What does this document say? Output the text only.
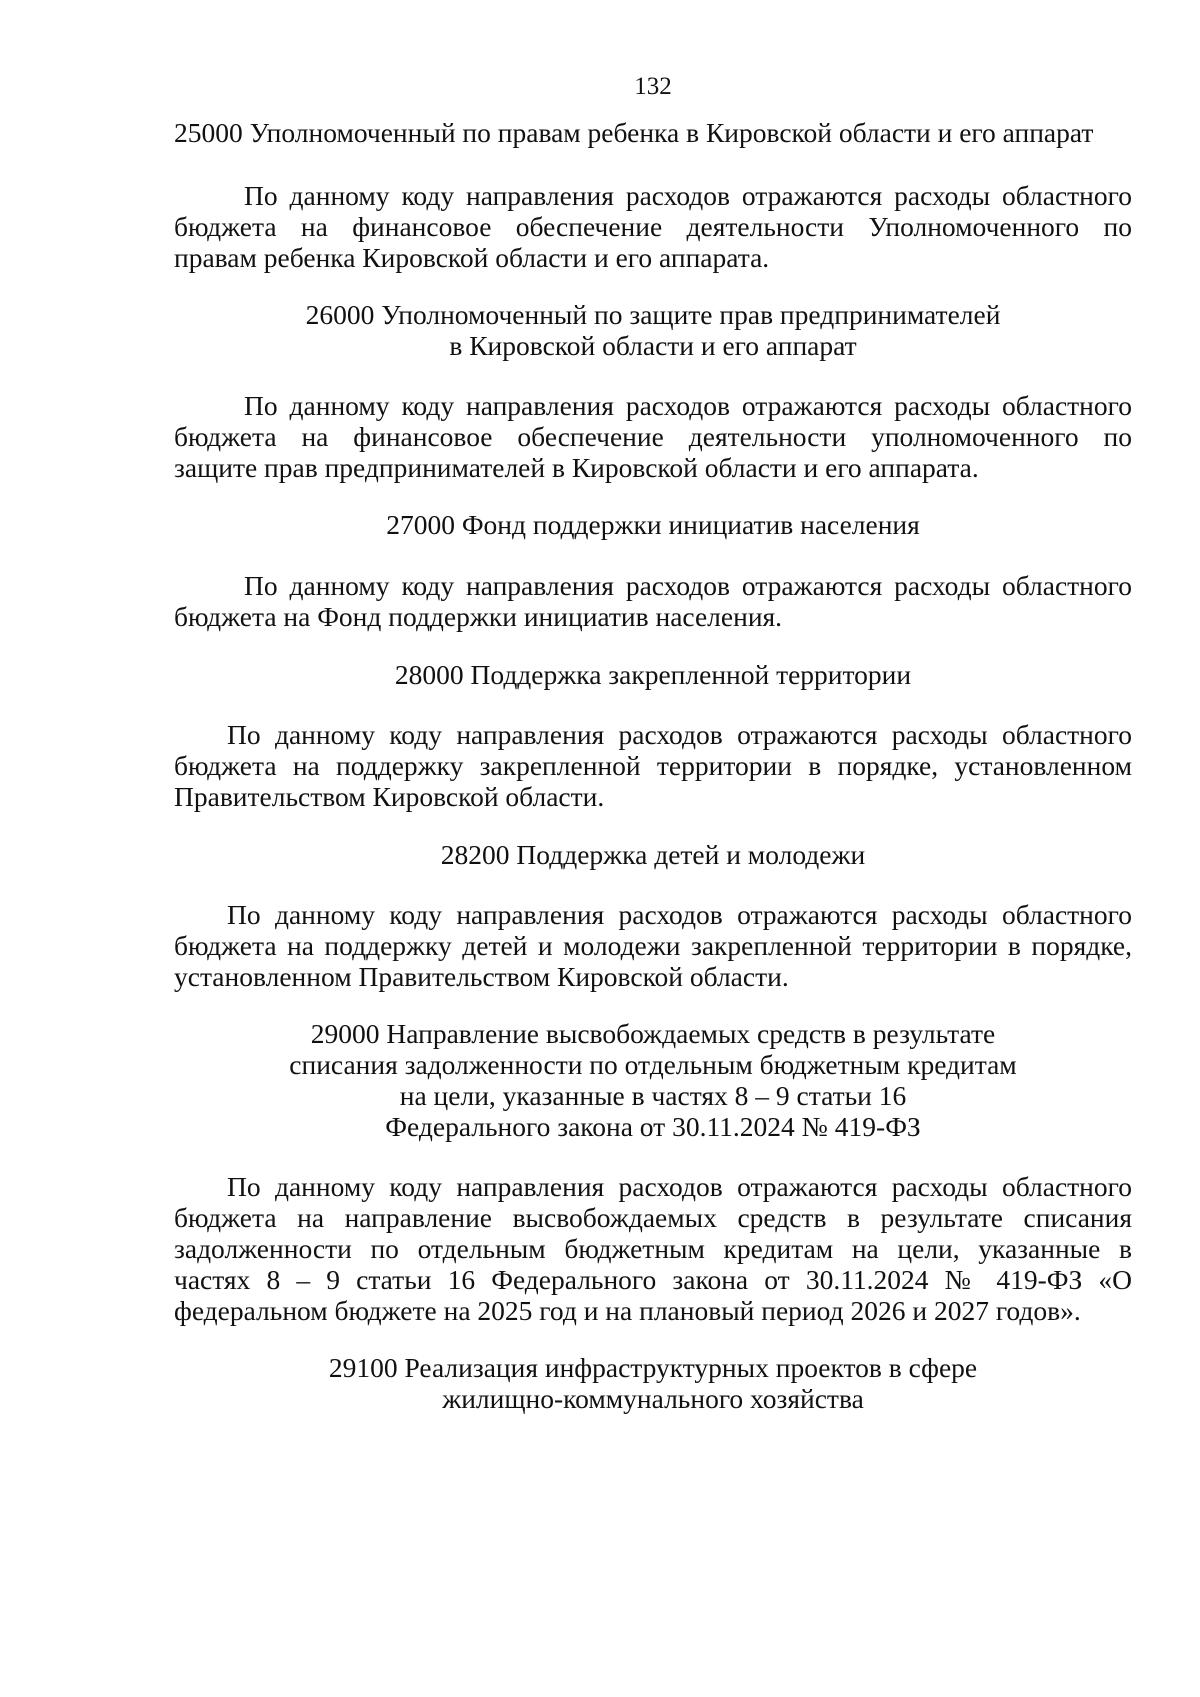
132
25000 Уполномоченный по правам ребенка в Кировской области и его аппарат
По данному коду направления расходов отражаются расходы областного
бюджета на финансовое обеспечение деятельности Уполномоченного по
правам ребенка Кировской области и его аппарата.
26000 Уполномоченный по защите прав предпринимателей
в Кировской области и его аппарат
По данному коду направления расходов отражаются расходы областного
бюджета на финансовое обеспечение деятельности уполномоченного по
защите прав предпринимателей в Кировской области и его аппарата.
27000 Фонд поддержки инициатив населения
По данному коду направления расходов отражаются расходы областного
бюджета на Фонд поддержки инициатив населения.
28000 Поддержка закрепленной территории
По данному коду направления расходов отражаются расходы областного
бюджета на поддержку закрепленной территории в порядке, установленном
Правительством Кировской области.
28200 Поддержка детей и молодежи
По данному коду направления расходов отражаются расходы областного
бюджета на поддержку детей и молодежи закрепленной территории в порядке,
установленном Правительством Кировской области.
29000 Направление высвобождаемых средств в результате
списания задолженности по отдельным бюджетным кредитам
на цели, указанные в частях 8 – 9 статьи 16
Федерального закона от 30.11.2024 № 419-ФЗ
По данному коду направления расходов отражаются расходы областного
бюджета на направление высвобождаемых средств в результате списания
задолженности по отдельным бюджетным кредитам на цели, указанные в
частях 8 – 9 статьи 16 Федерального закона от 30.11.2024 № 419-ФЗ «О
федеральном бюджете на 2025 год и на плановый период 2026 и 2027 годов».
29100 Реализация инфраструктурных проектов в сфере
жилищно-коммунального хозяйства
